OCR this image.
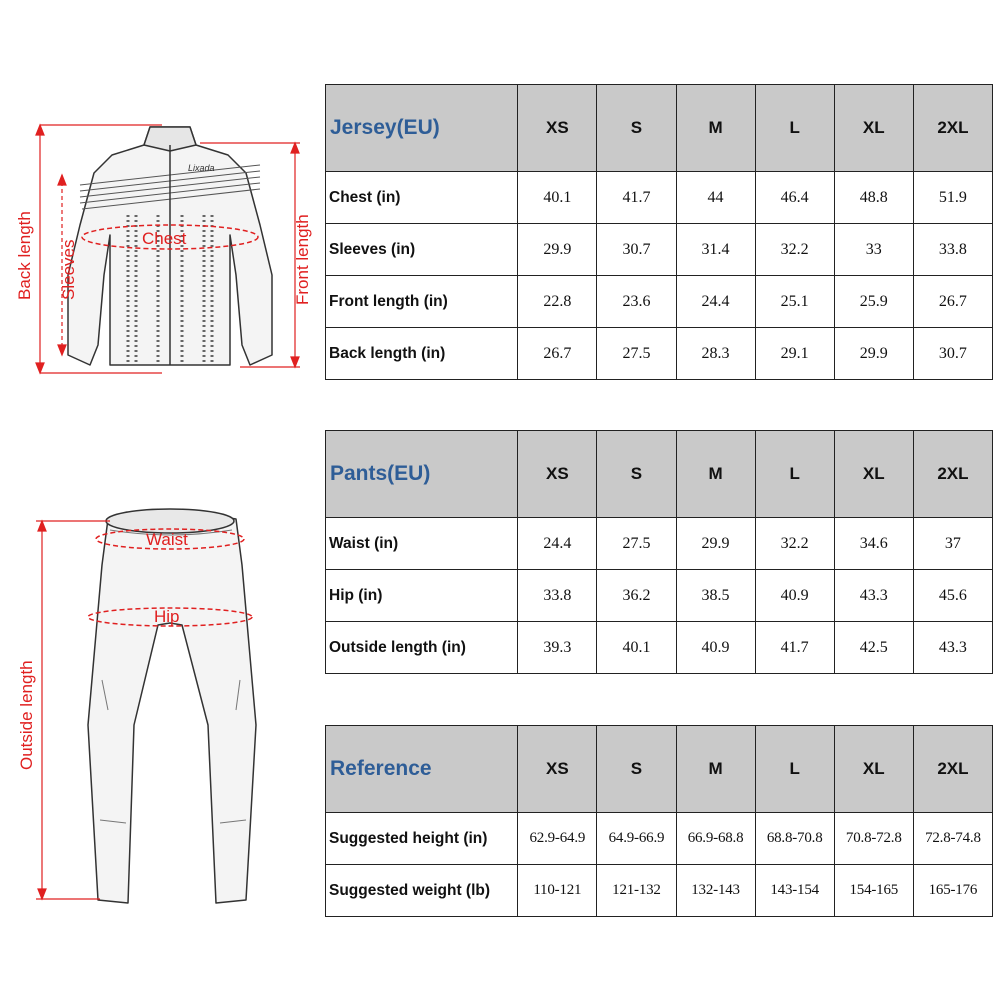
Lixada
Chest
Back length Sleeves	Front length
Waist
Hip
Outside length
Jersey(EU)	XS	S	M	L	XL	2XL
Chest (in)	40.1	41.7	44	46.4	48.8	51.9
Sleeves (in)	29.9	30.7	31.4	32.2	33	33.8
Front length (in)	22.8	23.6	24.4	25.1	25.9	26.7
Back length (in)	26.7	27.5	28.3	29.1	29.9	30.7
Pants(EU)	XS	S	M	L	XL	2XL
Waist (in)	24.4	27.5	29.9	32.2	34.6	37
Hip (in)	33.8	36.2	38.5	40.9	43.3	45.6
Outside length (in)	39.3	40.1	40.9	41.7	42.5	43.3
Reference	XS	S	M	L	XL	2XL
Suggested height (in)	62.9-64.9	64.9-66.9	66.9-68.8	68.8-70.8	70.8-72.8	72.8-74.8
Suggested weight (lb)	110-121	121-132	132-143	143-154	154-165	165-176
